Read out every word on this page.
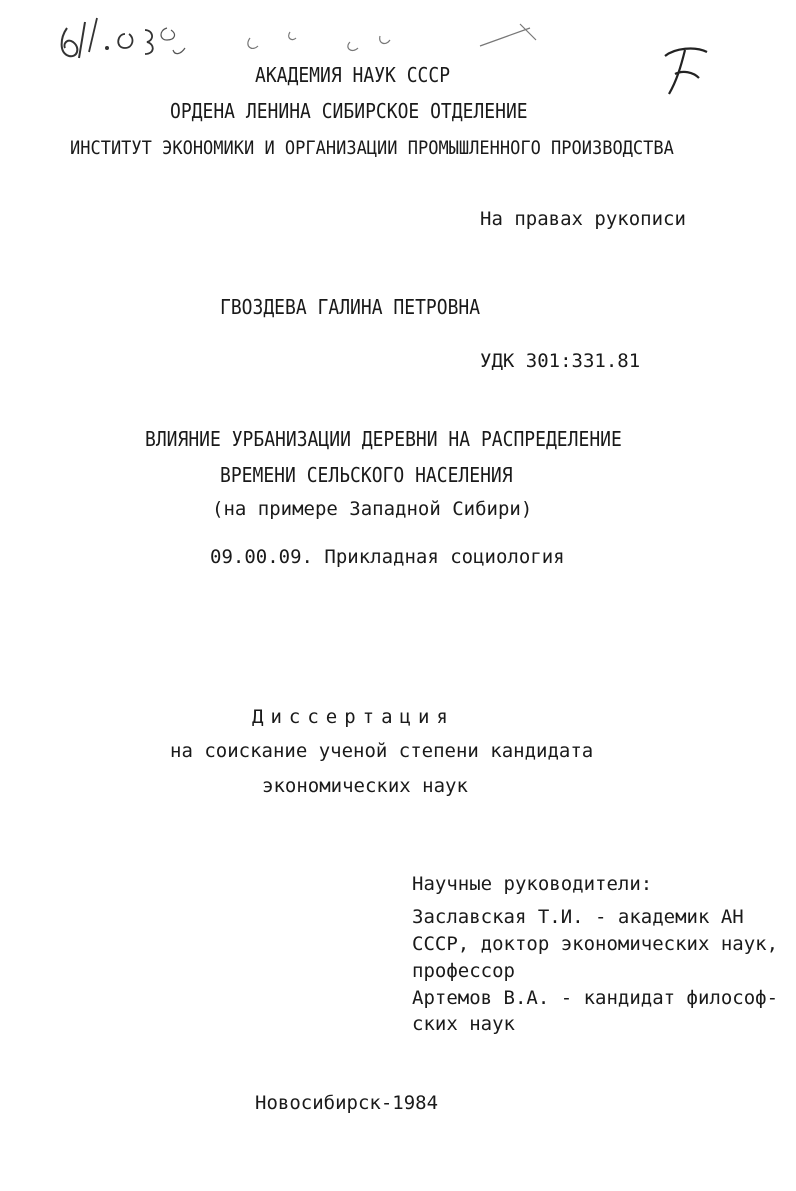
АКАДЕМИЯ НАУК СССР
ОРДЕНА ЛЕНИНА СИБИРСКОЕ ОТДЕЛЕНИЕ
ИНСТИТУТ ЭКОНОМИКИ И ОРГАНИЗАЦИИ ПРОМЫШЛЕННОГО ПРОИЗВОДСТВА
На правах рукописи
ГВОЗДЕВА ГАЛИНА ПЕТРОВНА
УДК 301:331.81
ВЛИЯНИЕ УРБАНИЗАЦИИ ДЕРЕВНИ НА РАСПРЕДЕЛЕНИЕ
ВРЕМЕНИ СЕЛЬСКОГО НАСЕЛЕНИЯ
(на примере Западной Сибири)
09.00.09. Прикладная социология
Диссертация
на соискание ученой степени кандидата
экономических наук
Научные руководители:
Заславская Т.И. - академик АН
СССР, доктор экономических наук,
профессор
Артемов В.А. - кандидат философ-
ских наук
Новосибирск-1984
